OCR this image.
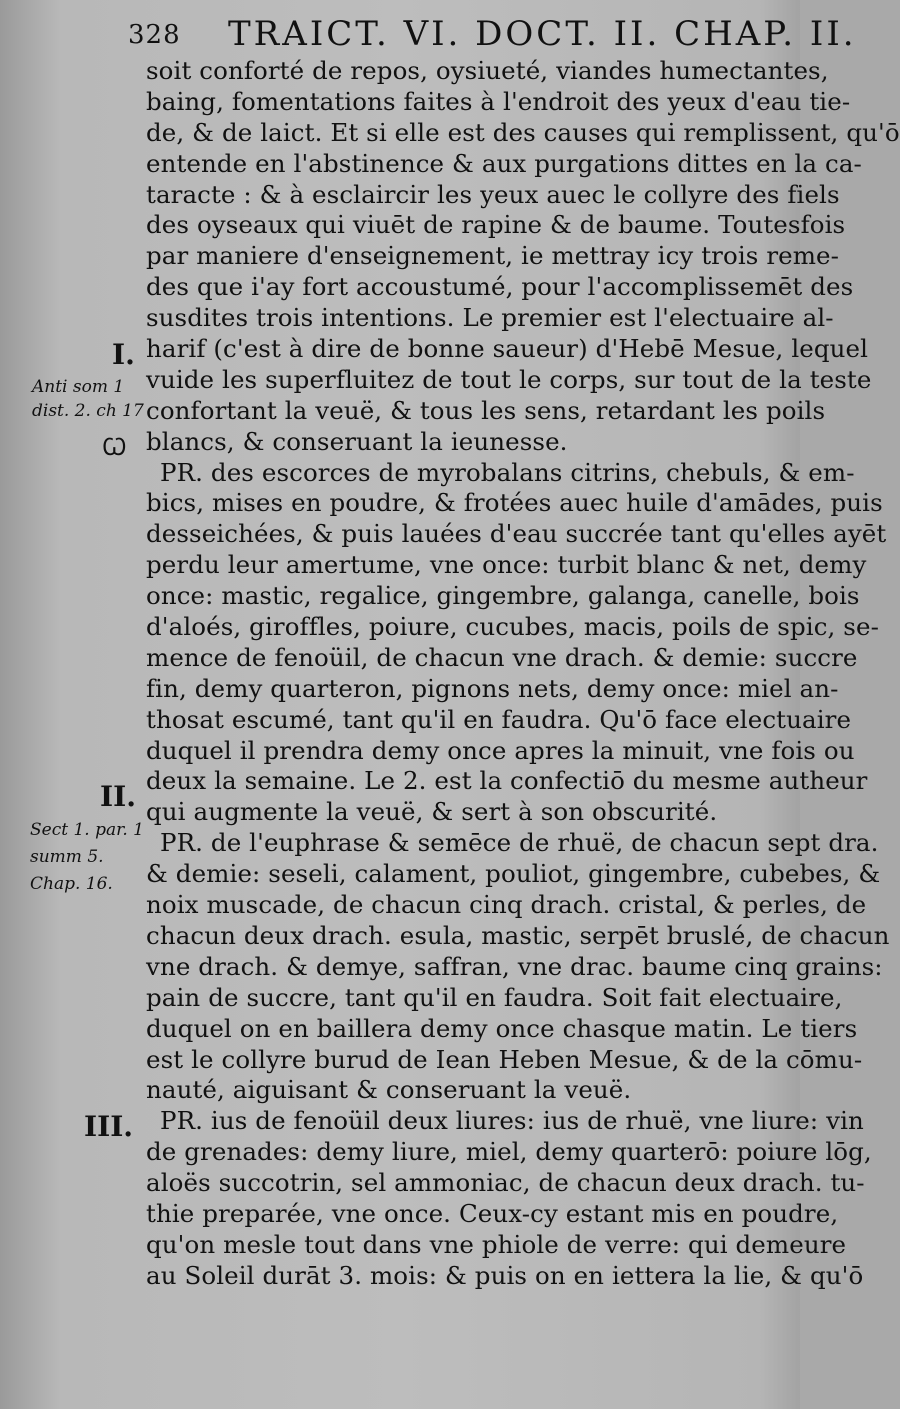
328 TRAICT. VI. DOCT. II. CHAP. II.
I.
Anti som 1
dist. 2. ch 17
Ꞷ
II.
Sect 1. par. 1
summ 5.
Chap. 16.
III.
soit conforté de repos, oysiueté, viandes humectantes,
baing, fomentations faites à l'endroit des yeux d'eau tie-
de, & de laict. Et si elle est des causes qui remplissent, qu'ō
entende en l'abstinence & aux purgations dittes en la ca-
taracte : & à esclaircir les yeux auec le collyre des fiels
des oyseaux qui viuēt de rapine & de baume. Toutesfois
par maniere d'enseignement, ie mettray icy trois reme-
des que i'ay fort accoustumé, pour l'accomplissemēt des
susdites trois intentions. Le premier est l'electuaire al-
harif (c'est à dire de bonne saueur) d'Hebē Mesue, lequel
vuide les superfluitez de tout le corps, sur tout de la teste
confortant la veuë, & tous les sens, retardant les poils
blancs, & conseruant la ieunesse.
PR. des escorces de myrobalans citrins, chebuls, & em-
bics, mises en poudre, & frotées auec huile d'amādes, puis
desseichées, & puis lauées d'eau succrée tant qu'elles ayēt
perdu leur amertume, vne once: turbit blanc & net, demy
once: mastic, regalice, gingembre, galanga, canelle, bois
d'aloés, giroffles, poiure, cucubes, macis, poils de spic, se-
mence de fenoüil, de chacun vne drach. & demie: succre
fin, demy quarteron, pignons nets, demy once: miel an-
thosat escumé, tant qu'il en faudra. Qu'ō face electuaire
duquel il prendra demy once apres la minuit, vne fois ou
deux la semaine. Le 2. est la confectiō du mesme autheur
qui augmente la veuë, & sert à son obscurité.
PR. de l'euphrase & semēce de rhuë, de chacun sept dra.
& demie: seseli, calament, pouliot, gingembre, cubebes, &
noix muscade, de chacun cinq drach. cristal, & perles, de
chacun deux drach. esula, mastic, serpēt bruslé, de chacun
vne drach. & demye, saffran, vne drac. baume cinq grains:
pain de succre, tant qu'il en faudra. Soit fait electuaire,
duquel on en baillera demy once chasque matin. Le tiers
est le collyre burud de Iean Heben Mesue, & de la cōmu-
nauté, aiguisant & conseruant la veuë.
PR. ius de fenoüil deux liures: ius de rhuë, vne liure: vin
de grenades: demy liure, miel, demy quarterō: poiure lōg,
aloës succotrin, sel ammoniac, de chacun deux drach. tu-
thie preparée, vne once. Ceux-cy estant mis en poudre,
qu'on mesle tout dans vne phiole de verre: qui demeure
au Soleil durāt 3. mois: & puis on en iettera la lie, & qu'ō
